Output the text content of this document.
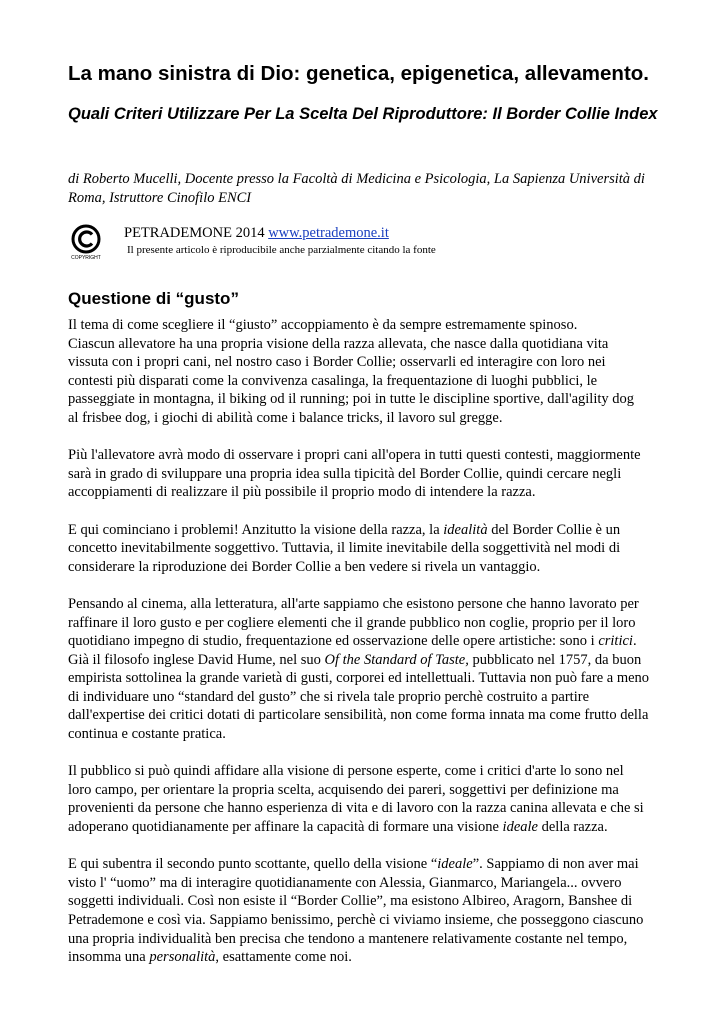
La mano sinistra di Dio: genetica, epigenetica, allevamento.
Quali Criteri Utilizzare Per La Scelta Del Riproduttore: Il Border Collie Index

di Roberto Mucelli, Docente presso la Facoltà di Medicina e Psicologia, La Sapienza Università di Roma, Istruttore Cinofilo ENCI

COPYRIGHT

PETRADEMONE 2014 www.petrademone.it

Il presente articolo è riproducibile anche parzialmente citando la fonte

Questione di “gusto”

Il tema di come scegliere il “giusto” accoppiamento è da sempre estremamente spinoso.

Ciascun allevatore ha una propria visione della razza allevata, che nasce dalla quotidiana vita
vissuta con i propri cani, nel nostro caso i Border Collie; osservarli ed interagire con loro nei
contesti più disparati come la convivenza casalinga, la frequentazione di luoghi pubblici, le
passeggiate in montagna, il biking od il running; poi in tutte le discipline sportive, dall'agility dog
al frisbee dog, i giochi di abilità come i balance tricks, il lavoro sul gregge.

Più l'allevatore avrà modo di osservare i propri cani all'opera in tutti questi contesti, maggiormente
sarà in grado di sviluppare una propria idea sulla tipicità del Border Collie, quindi cercare negli
accoppiamenti di realizzare il più possibile il proprio modo di intendere la razza.

E qui cominciano i problemi! Anzitutto la visione della razza, la idealità del Border Collie è un
concetto inevitabilmente soggettivo. Tuttavia, il limite inevitabile della soggettività nel modi di
considerare la riproduzione dei Border Collie a ben vedere si rivela un vantaggio.

Pensando al cinema, alla letteratura, all'arte sappiamo che esistono persone che hanno lavorato per
raffinare il loro gusto e per cogliere elementi che il grande pubblico non coglie, proprio per il loro
quotidiano impegno di studio, frequentazione ed osservazione delle opere artistiche: sono i critici.
Già il filosofo inglese David Hume, nel suo Of the Standard of Taste, pubblicato nel 1757, da buon
empirista sottolinea la grande varietà di gusti, corporei ed intellettuali. Tuttavia non può fare a meno
di individuare uno “standard del gusto” che si rivela tale proprio perchè costruito a partire
dall'expertise dei critici dotati di particolare sensibilità, non come forma innata ma come frutto della
continua e costante pratica.

Il pubblico si può quindi affidare alla visione di persone esperte, come i critici d'arte lo sono nel
loro campo, per orientare la propria scelta, acquisendo dei pareri, soggettivi per definizione ma
provenienti da persone che hanno esperienza di vita e di lavoro con la razza canina allevata e che si
adoperano quotidianamente per affinare la capacità di formare una visione ideale della razza.

E qui subentra il secondo punto scottante, quello della visione “ideale”. Sappiamo di non aver mai
visto l' “uomo” ma di interagire quotidianamente con Alessia, Gianmarco, Mariangela... ovvero
soggetti individuali. Così non esiste il “Border Collie”, ma esistono Albireo, Aragorn, Banshee di
Petrademone e così via. Sappiamo benissimo, perchè ci viviamo insieme, che posseggono ciascuno
una propria individualità ben precisa che tendono a mantenere relativamente costante nel tempo,
insomma una personalità, esattamente come noi.
